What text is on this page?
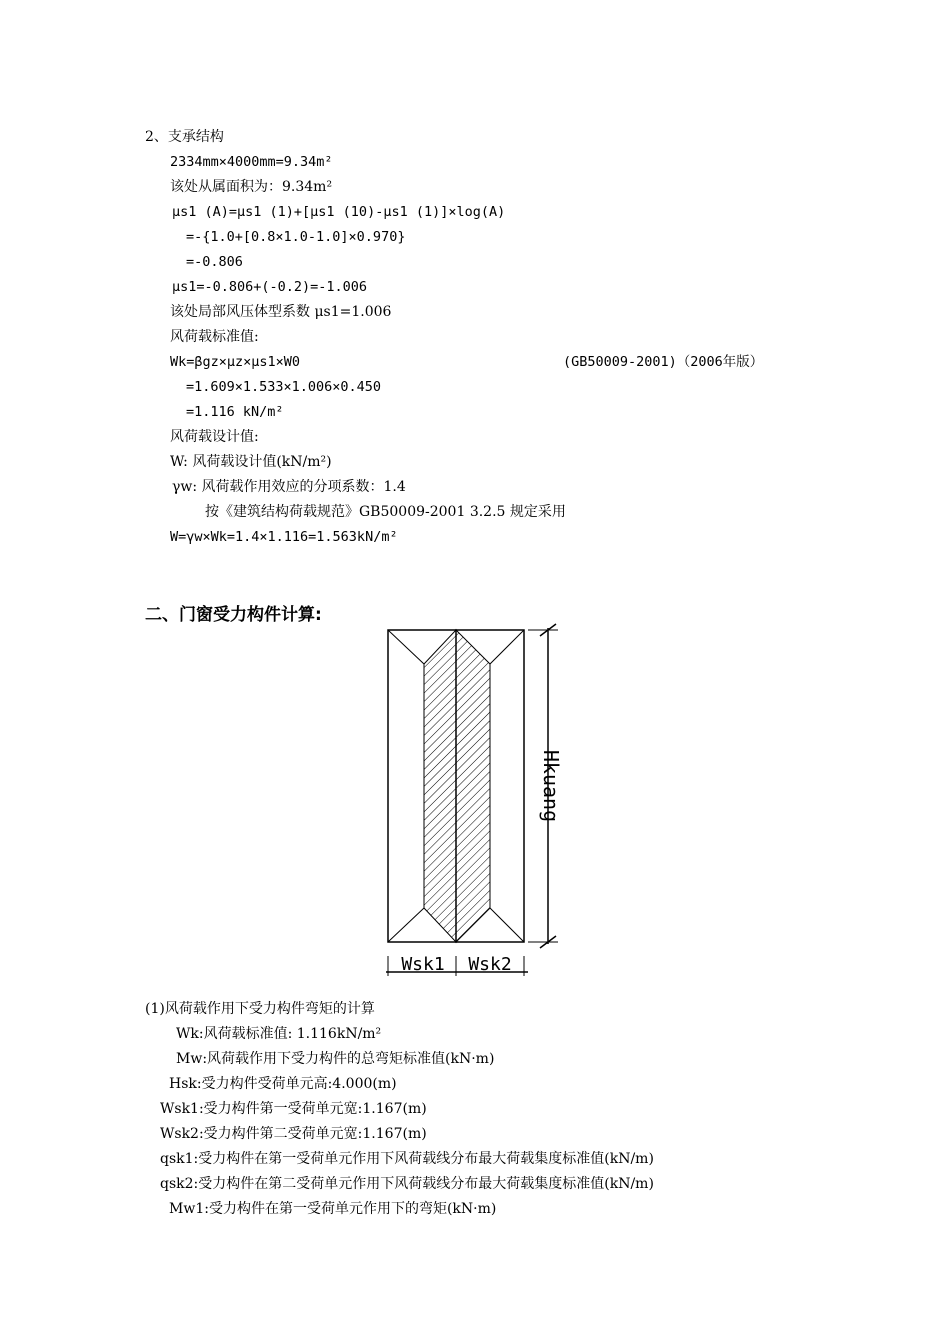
2、支承结构
2334mm×4000mm=9.34m²
该处从属面积为：9.34m²
μs1 (A)=μs1 (1)+[μs1 (10)-μs1 (1)]×log(A)
=-{1.0+[0.8×1.0-1.0]×0.970}
=-0.806
μs1=-0.806+(-0.2)=-1.006
该处局部风压体型系数 μs1=1.006
风荷载标准值:
Wk=βgz×μz×μs1×W0	(GB50009-2001)（2006年版）
=1.609×1.533×1.006×0.450
=1.116 kN/m²
风荷载设计值:
W: 风荷载设计值(kN/m²)
γw: 风荷载作用效应的分项系数：1.4
按《建筑结构荷载规范》GB50009-2001 3.2.5 规定采用
W=γw×Wk=1.4×1.116=1.563kN/m²
二、门窗受力构件计算:
Hkuang
Wsk1 Wsk2
(1)风荷载作用下受力构件弯矩的计算
Wk:风荷载标准值: 1.116kN/m²
Mw:风荷载作用下受力构件的总弯矩标准值(kN·m)
Hsk:受力构件受荷单元高:4.000(m)
Wsk1:受力构件第一受荷单元宽:1.167(m)
Wsk2:受力构件第二受荷单元宽:1.167(m)
qsk1:受力构件在第一受荷单元作用下风荷载线分布最大荷载集度标准值(kN/m)
qsk2:受力构件在第二受荷单元作用下风荷载线分布最大荷载集度标准值(kN/m)
Mw1:受力构件在第一受荷单元作用下的弯矩(kN·m)
